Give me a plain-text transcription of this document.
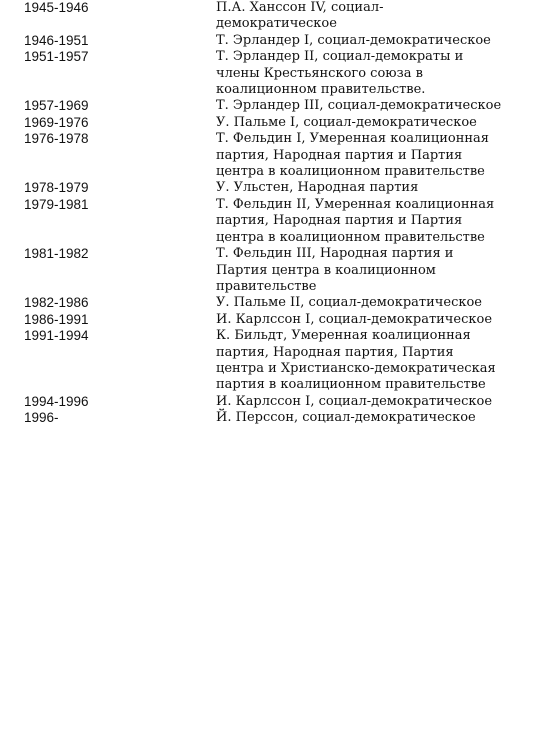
1945-1946	П.А. Ханссон IV, социал-демократическое
1946-1951	Т. Эрландер I, социал-демократическое
1951-1957	Т. Эрландер II, социал-демократы и члены Крестьянского союза в коалиционном правительстве.
1957-1969	Т. Эрландер III, социал-демократическое
1969-1976	У. Пальме I, социал-демократическое
1976-1978	Т. Фельдин I, Умеренная коалиционная партия, Народная партия и Партия центра в коалиционном правительстве
1978-1979	У. Ульстен, Народная партия
1979-1981	Т. Фельдин II, Умеренная коалиционная партия, Народная партия и Партия центра в коалиционном правительстве
1981-1982	Т. Фельдин III, Народная партия и Партия центра в коалиционном правительстве
1982-1986	У. Пальме II, социал-демократическое
1986-1991	И. Карлссон I, социал-демократическое
1991-1994	К. Бильдт, Умеренная коалиционная партия, Народная партия, Партия центра и Христианско-демократическая партия в коалиционном правительстве
1994-1996	И. Карлссон I, социал-демократическое
1996-	Й. Перссон, социал-демократическое
